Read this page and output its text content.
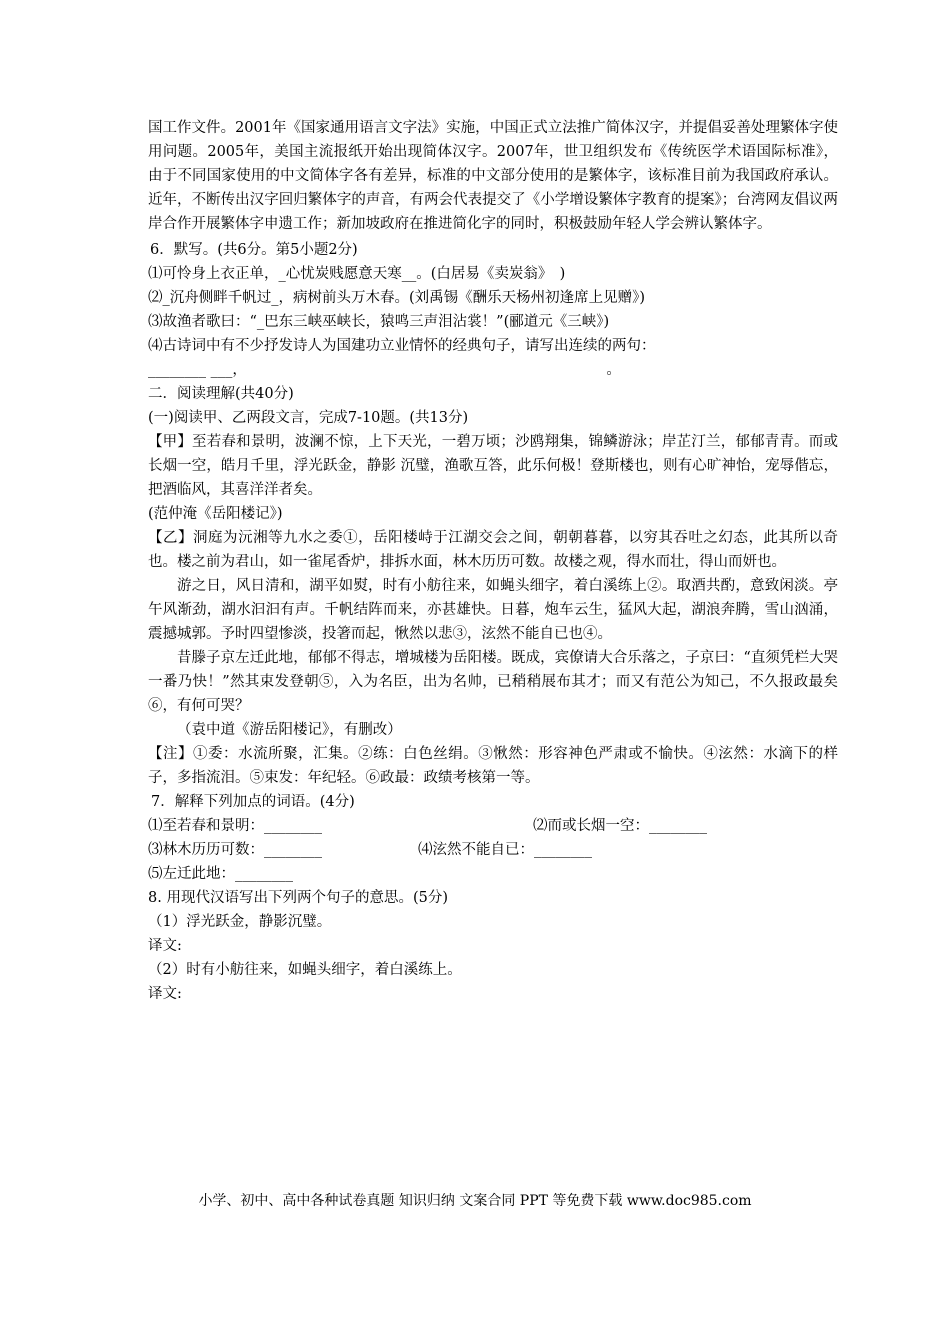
国工作文件。2001年《国家通用语言文字法》实施，中国正式立法推广简体汉字，并提倡妥善处理繁体字使用问题。2005年，美国主流报纸开始出现简体汉字。2007年，世卫组织发布《传统医学术语国际标准》，由于不同国家使用的中文简体字各有差异，标准的中文部分使用的是繁体字，该标准目前为我国政府承认。近年，不断传出汉字回归繁体字的声音，有两会代表提交了《小学增设繁体字教育的提案》；台湾网友倡议两岸合作开展繁体字申遗工作；新加坡政府在推进简化字的同时，积极鼓励年轻人学会辨认繁体字。

6．默写。(共6分。第5小题2分)

⑴可怜身上衣正单，_心忧炭贱愿意天寒__。(白居易《卖炭翁》　)

⑵_沉舟侧畔千帆过_，病树前头万木春。(刘禹锡《酬乐天杨州初逢席上见赠》)

⑶故渔者歌曰：“_巴东三峡巫峡长，猿鸣三声泪沾裳！”(郦道元《三峡》)

⑷古诗词中有不少抒发诗人为国建功立业情怀的经典句子，请写出连续的两句：

________ ___，                                                                              。

二．阅读理解(共40分)

(一)阅读甲、乙两段文言，完成7-10题。(共13分)

【甲】至若春和景明，波澜不惊，上下天光，一碧万顷；沙鸥翔集，锦鳞游泳；岸芷汀兰，郁郁青青。而或长烟一空，皓月千里，浮光跃金，静影 沉璧，渔歌互答，此乐何极！登斯楼也，则有心旷神怡，宠辱偕忘，把酒临风，其喜洋洋者矣。

(范仲淹《岳阳楼记》)

【乙】洞庭为沅湘等九水之委①，岳阳楼峙于江湖交会之间，朝朝暮暮，以穷其吞吐之幻态，此其所以奇也。楼之前为君山，如一雀尾香炉，排拆水面，林木历历可数。故楼之观，得水而壮，得山而妍也。

游之日，风日清和，湖平如熨，时有小舫往来，如蝇头细字，着白溪练上②。取酒共酌，意致闲淡。亭午风渐劲，湖水汩汩有声。千帆结阵而来，亦甚雄快。日暮，炮车云生，猛风大起，湖浪奔腾，雪山汹涌，震撼城郭。予时四望惨淡，投箸而起，愀然以悲③，泫然不能自已也④。

昔滕子京左迁此地，郁郁不得志，增城楼为岳阳楼。既成，宾僚请大合乐落之，子京曰：“直须凭栏大哭一番乃快！”然其束发登朝⑤，入为名臣，出为名帅，已稍稍展布其才；而又有范公为知己，不久报政最矣⑥，有何可哭？

（袁中道《游岳阳楼记》，有删改）

【注】①委：水流所聚，汇集。②练：白色丝绢。③愀然：形容神色严肃或不愉快。④泫然：水滴下的样子，多指流泪。⑤束发：年纪轻。⑥政最：政绩考核第一等。

7．解释下列加点的词语。(4分)

⑴至若春和景明：________	⑵而或长烟一空：________
⑶林木历历可数：________	⑷泫然不能自已：________

⑸左迁此地：________

8. 用现代汉语写出下列两个句子的意思。(5分)

（1）浮光跃金，静影沉璧。

译文:

（2）时有小舫往来，如蝇头细字，着白溪练上。

译文:

小学、初中、高中各种试卷真题 知识归纳 文案合同 PPT 等免费下载 www.doc985.com
